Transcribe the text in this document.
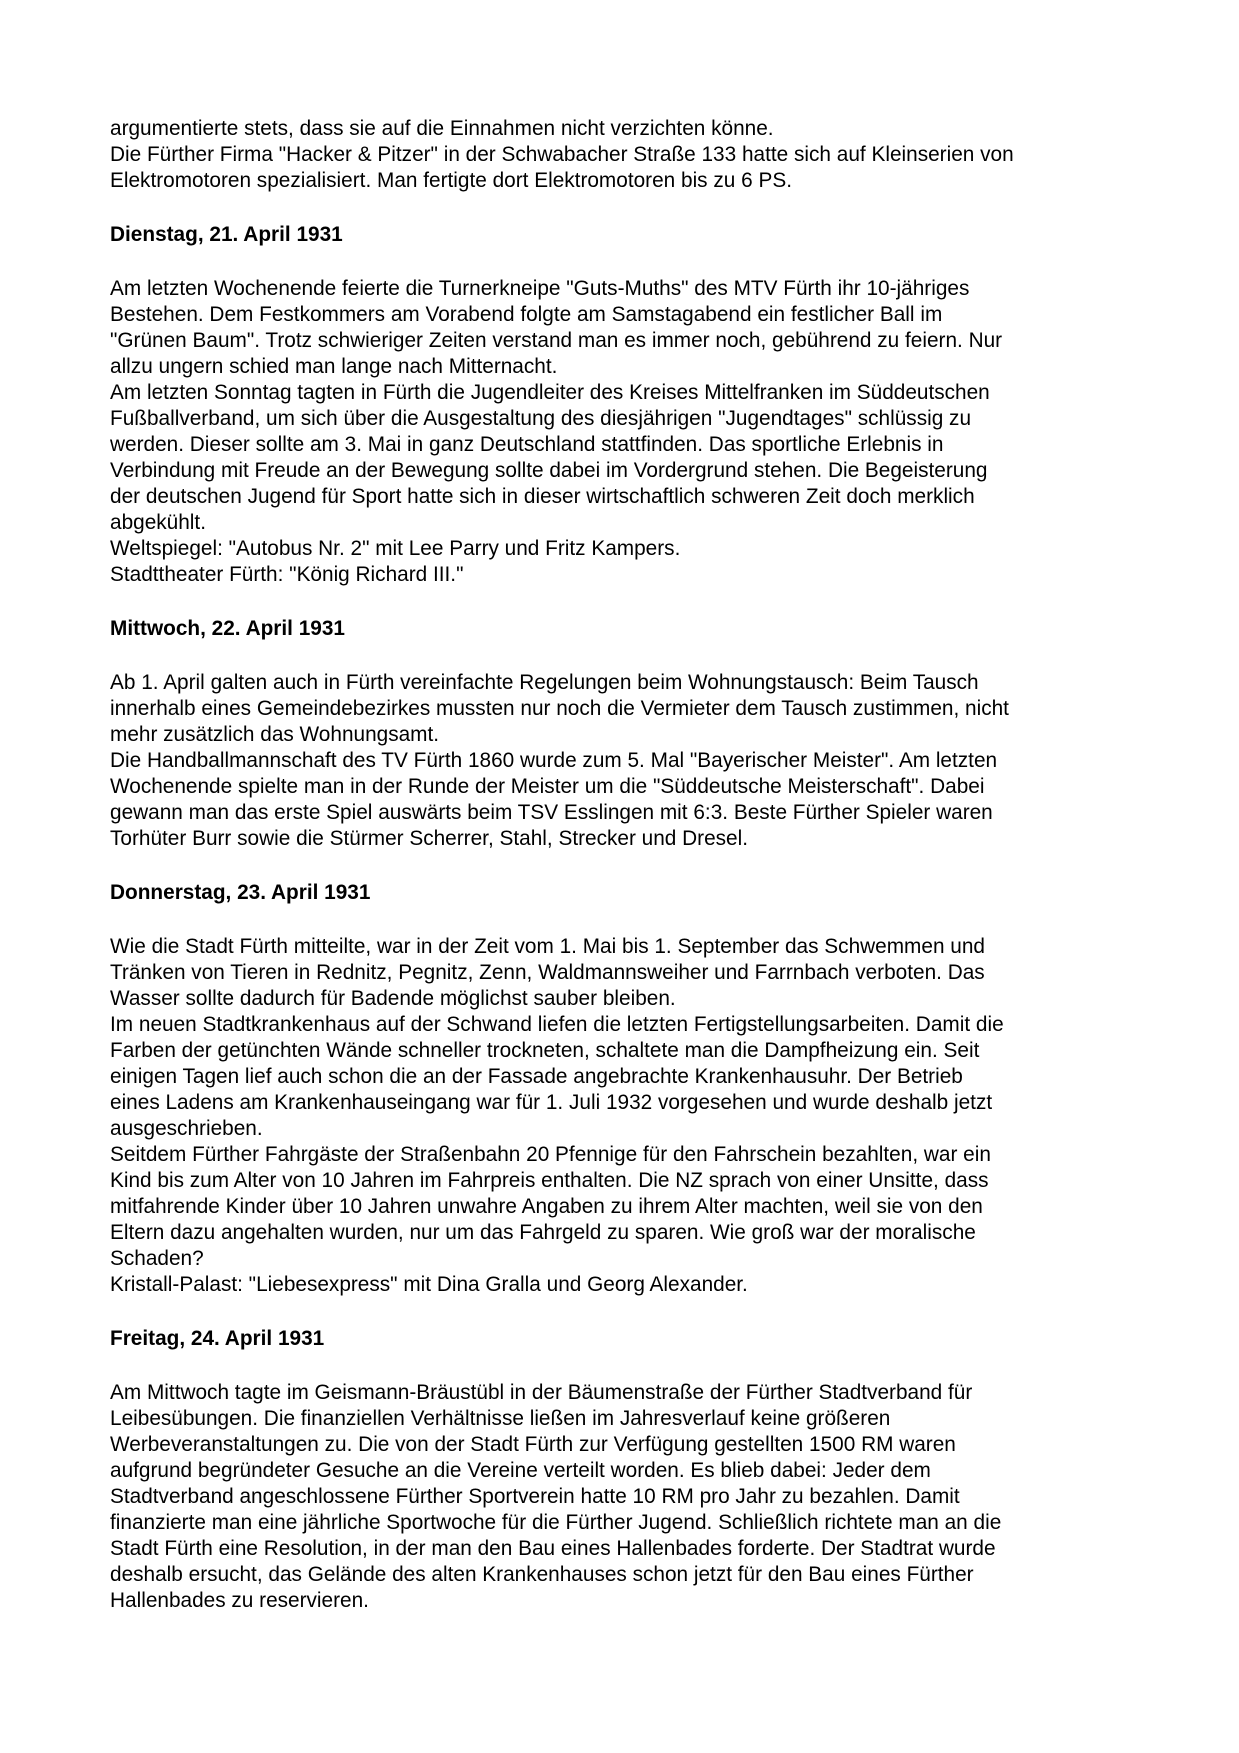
argumentierte stets, dass sie auf die Einnahmen nicht verzichten könne.
Die Fürther Firma "Hacker & Pitzer" in der Schwabacher Straße 133 hatte sich auf Kleinserien von
Elektromotoren spezialisiert. Man fertigte dort Elektromotoren bis zu 6 PS.
Dienstag, 21. April 1931
Am letzten Wochenende feierte die Turnerkneipe "Guts-Muths" des MTV Fürth ihr 10-jähriges
Bestehen. Dem Festkommers am Vorabend folgte am Samstagabend ein festlicher Ball im
"Grünen Baum". Trotz schwieriger Zeiten verstand man es immer noch, gebührend zu feiern. Nur
allzu ungern schied man lange nach Mitternacht.
Am letzten Sonntag tagten in Fürth die Jugendleiter des Kreises Mittelfranken im Süddeutschen
Fußballverband, um sich über die Ausgestaltung des diesjährigen "Jugendtages" schlüssig zu
werden. Dieser sollte am 3. Mai in ganz Deutschland stattfinden. Das sportliche Erlebnis in
Verbindung mit Freude an der Bewegung sollte dabei im Vordergrund stehen. Die Begeisterung
der deutschen Jugend für Sport hatte sich in dieser wirtschaftlich schweren Zeit doch merklich
abgekühlt.
Weltspiegel: "Autobus Nr. 2" mit Lee Parry und Fritz Kampers.
Stadttheater Fürth: "König Richard III."
Mittwoch, 22. April 1931
Ab 1. April galten auch in Fürth vereinfachte Regelungen beim Wohnungstausch: Beim Tausch
innerhalb eines Gemeindebezirkes mussten nur noch die Vermieter dem Tausch zustimmen, nicht
mehr zusätzlich das Wohnungsamt.
Die Handballmannschaft des TV Fürth 1860 wurde zum 5. Mal "Bayerischer Meister". Am letzten
Wochenende spielte man in der Runde der Meister um die "Süddeutsche Meisterschaft". Dabei
gewann man das erste Spiel auswärts beim TSV Esslingen mit 6:3. Beste Fürther Spieler waren
Torhüter Burr sowie die Stürmer Scherrer, Stahl, Strecker und Dresel.
Donnerstag, 23. April 1931
Wie die Stadt Fürth mitteilte, war in der Zeit vom 1. Mai bis 1. September das Schwemmen und
Tränken von Tieren in Rednitz, Pegnitz, Zenn, Waldmannsweiher und Farrnbach verboten. Das
Wasser sollte dadurch für Badende möglichst sauber bleiben.
Im neuen Stadtkrankenhaus auf der Schwand liefen die letzten Fertigstellungsarbeiten. Damit die
Farben der getünchten Wände schneller trockneten, schaltete man die Dampfheizung ein. Seit
einigen Tagen lief auch schon die an der Fassade angebrachte Krankenhausuhr. Der Betrieb
eines Ladens am Krankenhauseingang war für 1. Juli 1932 vorgesehen und wurde deshalb jetzt
ausgeschrieben.
Seitdem Fürther Fahrgäste der Straßenbahn 20 Pfennige für den Fahrschein bezahlten, war ein
Kind bis zum Alter von 10 Jahren im Fahrpreis enthalten. Die NZ sprach von einer Unsitte, dass
mitfahrende Kinder über 10 Jahren unwahre Angaben zu ihrem Alter machten, weil sie von den
Eltern dazu angehalten wurden, nur um das Fahrgeld zu sparen. Wie groß war der moralische
Schaden?
Kristall-Palast: "Liebesexpress" mit Dina Gralla und Georg Alexander.
Freitag, 24. April 1931
Am Mittwoch tagte im Geismann-Bräustübl in der Bäumenstraße der Fürther Stadtverband für
Leibesübungen. Die finanziellen Verhältnisse ließen im Jahresverlauf keine größeren
Werbeveranstaltungen zu. Die von der Stadt Fürth zur Verfügung gestellten 1500 RM waren
aufgrund begründeter Gesuche an die Vereine verteilt worden. Es blieb dabei: Jeder dem
Stadtverband angeschlossene Fürther Sportverein hatte 10 RM pro Jahr zu bezahlen. Damit
finanzierte man eine jährliche Sportwoche für die Fürther Jugend. Schließlich richtete man an die
Stadt Fürth eine Resolution, in der man den Bau eines Hallenbades forderte. Der Stadtrat wurde
deshalb ersucht, das Gelände des alten Krankenhauses schon jetzt für den Bau eines Fürther
Hallenbades zu reservieren.
